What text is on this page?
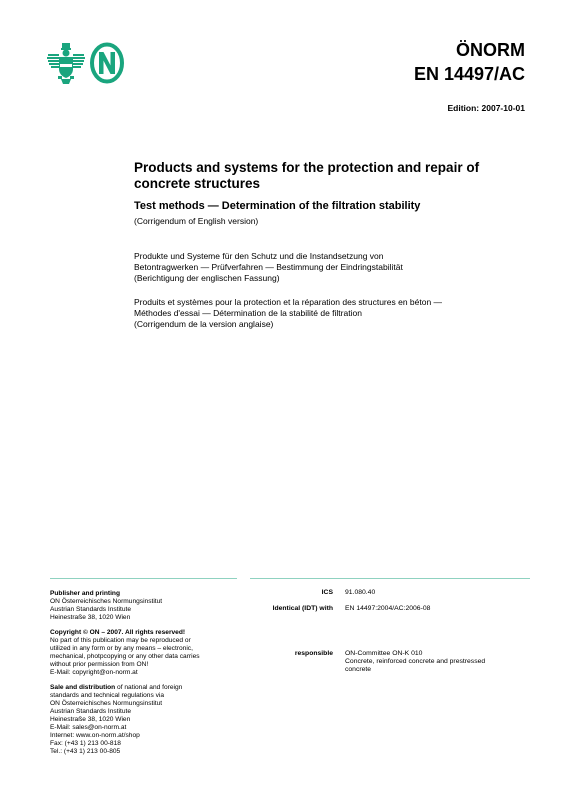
ÖNORM
EN 14497/AC
Edition: 2007-10-01
Products and systems for the protection and repair of concrete structures
Test methods — Determination of the filtration stability
(Corrigendum of English version)
Produkte und Systeme für den Schutz und die Instandsetzung von
Betontragwerken — Prüfverfahren — Bestimmung der Eindringstabilität
(Berichtigung der englischen Fassung)
Produits et systèmes pour la protection et la réparation des structures en béton —
Méthodes d'essai — Détermination de la stabilité de filtration
(Corrigendum de la version anglaise)
Publisher and printing
ON Österreichisches Normungsinstitut
Austrian Standards Institute
Heinestraße 38, 1020 Wien
Copyright © ON – 2007. All rights reserved!
No part of this publication may be reproduced or
utilized in any form or by any means – electronic,
mechanical, photpcopying or any other data carries
without prior permission from ON!
E-Mail: copyright@on-norm.at
Sale and distribution of national and foreign
standards and technical regulations via
ON Österreichisches Normungsinstitut
Austrian Standards Institute
Heinestraße 38, 1020 Wien
E-Mail: sales@on-norm.at
Internet: www.on-norm.at/shop
Fax: (+43 1) 213 00-818
Tel.: (+43 1) 213 00-805
ICS 91.080.40
Identical (IDT) with EN 14497:2004/AC:2006-08
responsible ON-Committee ON-K 010
Concrete, reinforced concrete and prestressed
concrete
